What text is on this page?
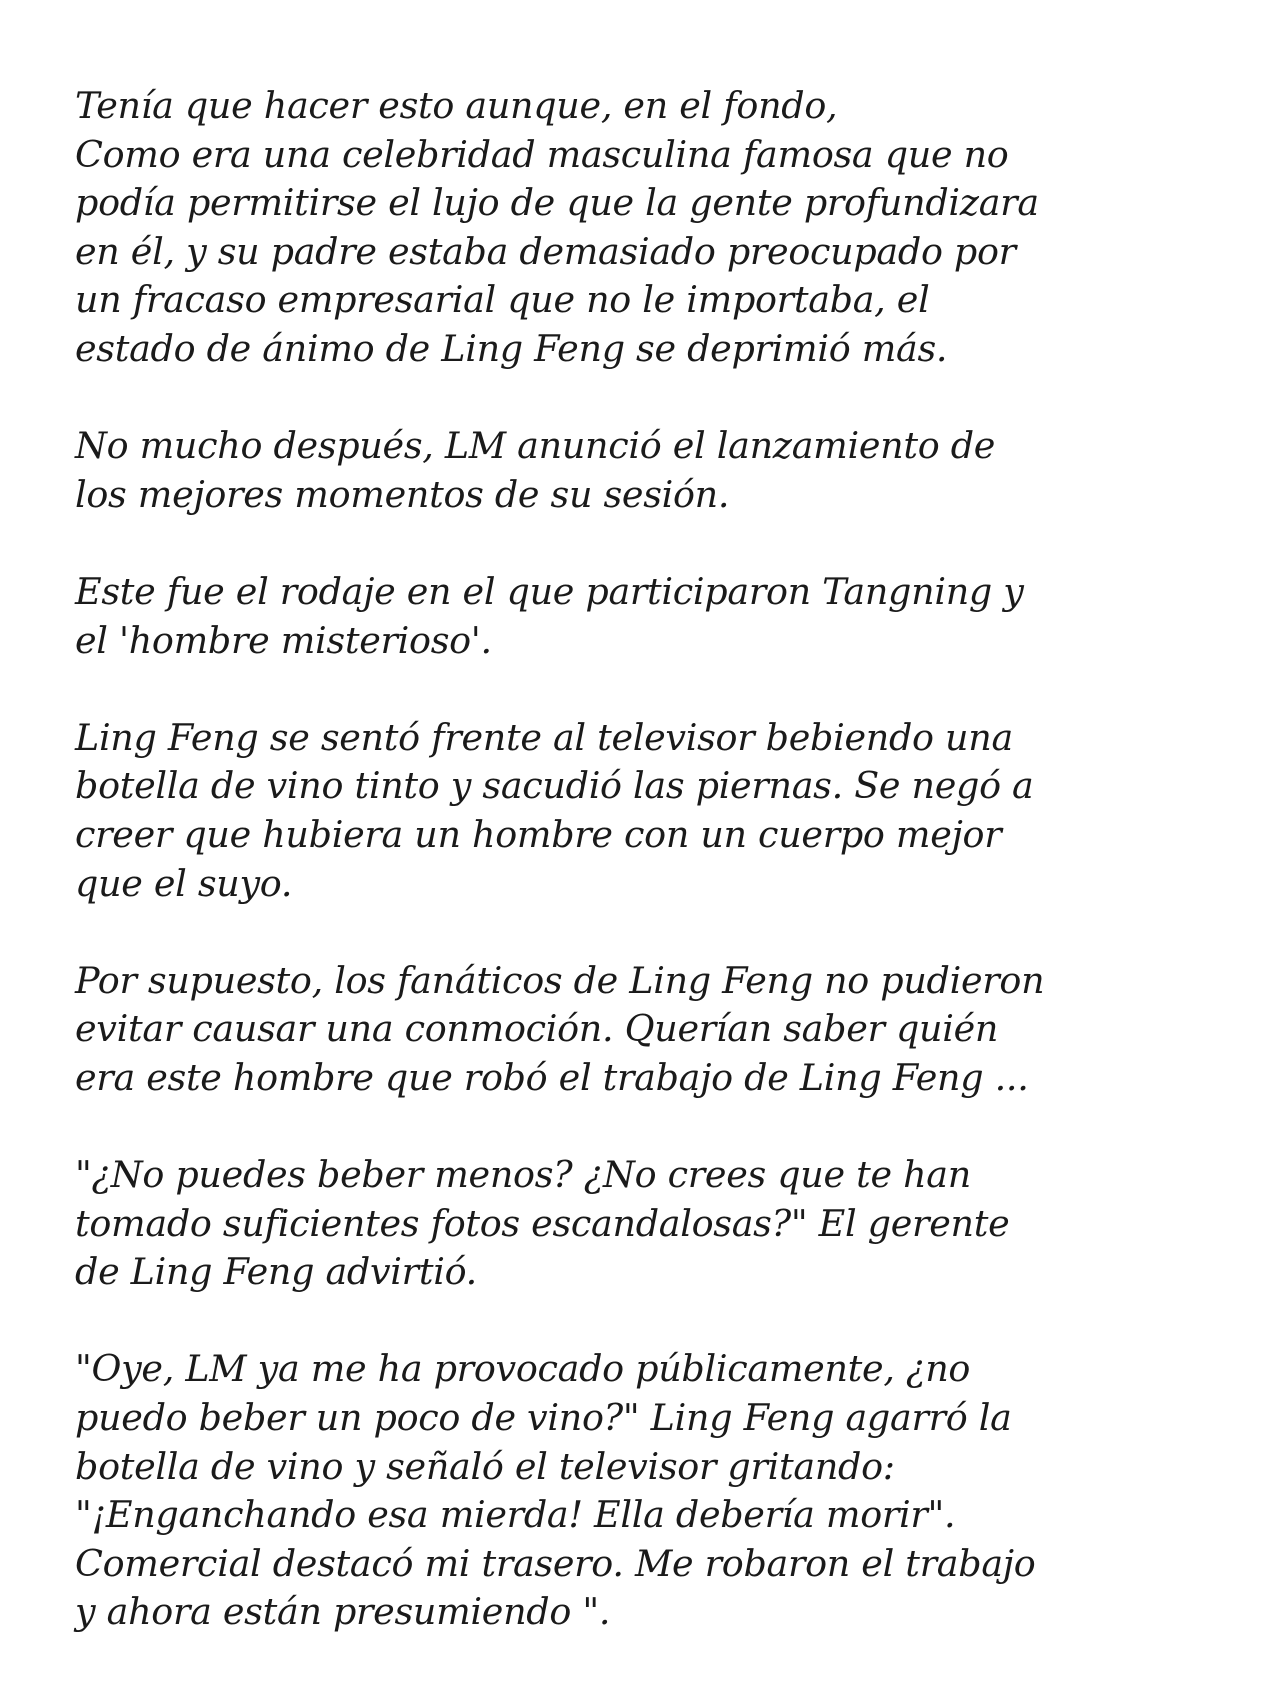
Tenía que hacer esto aunque, en el fondo,
Como era una celebridad masculina famosa que no
podía permitirse el lujo de que la gente profundizara
en él, y su padre estaba demasiado preocupado por
un fracaso empresarial que no le importaba, el
estado de ánimo de Ling Feng se deprimió más.
No mucho después, LM anunció el lanzamiento de
los mejores momentos de su sesión.
Este fue el rodaje en el que participaron Tangning y
el 'hombre misterioso'.
Ling Feng se sentó frente al televisor bebiendo una
botella de vino tinto y sacudió las piernas. Se negó a
creer que hubiera un hombre con un cuerpo mejor
que el suyo.
Por supuesto, los fanáticos de Ling Feng no pudieron
evitar causar una conmoción. Querían saber quién
era este hombre que robó el trabajo de Ling Feng ...
"¿No puedes beber menos? ¿No crees que te han
tomado suficientes fotos escandalosas?" El gerente
de Ling Feng advirtió.
"Oye, LM ya me ha provocado públicamente, ¿no
puedo beber un poco de vino?" Ling Feng agarró la
botella de vino y señaló el televisor gritando:
"¡Enganchando esa mierda! Ella debería morir".
Comercial destacó mi trasero. Me robaron el trabajo
y ahora están presumiendo ".
